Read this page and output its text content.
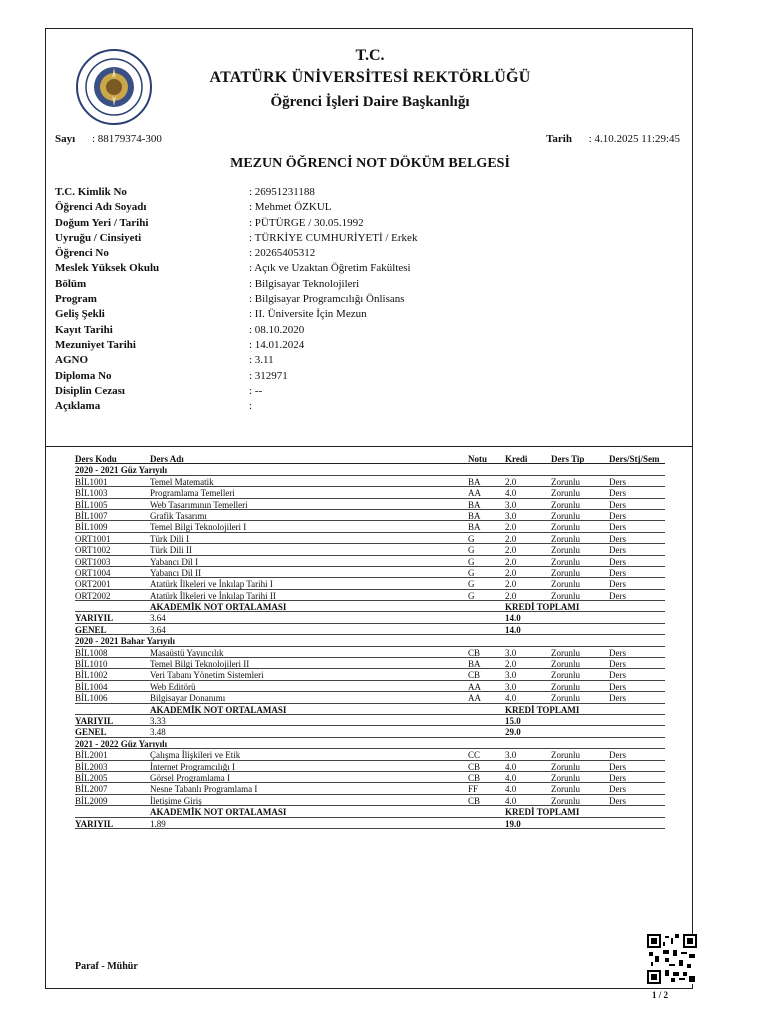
T.C.
ATATÜRK ÜNİVERSİTESİ REKTÖRLÜĞÜ
Öğrenci İşleri Daire Başkanlığı
Sayı : 88179374-300	Tarih : 4.10.2025 11:29:45
MEZUN ÖĞRENCİ NOT DÖKÜM BELGESİ
T.C. Kimlik No	: 26951231188
Öğrenci Adı Soyadı	: Mehmet ÖZKUL
Doğum Yeri / Tarihi	: PÜTÜRGE / 30.05.1992
Uyruğu / Cinsiyeti	: TÜRKİYE CUMHURİYETİ / Erkek
Öğrenci No	: 20265405312
Meslek Yüksek Okulu	: Açık ve Uzaktan Öğretim Fakültesi
Bölüm	: Bilgisayar Teknolojileri
Program	: Bilgisayar Programcılığı Önlisans
Geliş Şekli	: II. Üniversite İçin Mezun
Kayıt Tarihi	: 08.10.2020
Mezuniyet Tarihi	: 14.01.2024
AGNO	: 3.11
Diploma No	: 312971
Disiplin Cezası	: --
Açıklama	:
Ders Kodu	Ders Adı	Notu Kredi	Ders Tip	Ders/Stj/Sem
2020 - 2021 Güz Yarıyılı
BİL1001	Temel Matematik	BA	2.0	Zorunlu	Ders
BİL1003	Programlama Temelleri	AA	4.0	Zorunlu	Ders
BİL1005	Web Tasarımının Temelleri	BA	3.0	Zorunlu	Ders
BİL1007	Grafik Tasarımı	BA	3.0	Zorunlu	Ders
BİL1009	Temel Bilgi Teknolojileri I	BA	2.0	Zorunlu	Ders
ORT1001	Türk Dili I	G	2.0	Zorunlu	Ders
ORT1002	Türk Dili II	G	2.0	Zorunlu	Ders
ORT1003	Yabancı Dil I	G	2.0	Zorunlu	Ders
ORT1004	Yabancı Dil II	G	2.0	Zorunlu	Ders
ORT2001	Atatürk İlkeleri ve İnkılap Tarihi I	G	2.0	Zorunlu	Ders
ORT2002	Atatürk İlkeleri ve İnkılap Tarihi II	G	2.0	Zorunlu	Ders
AKADEMİK NOT ORTALAMASI	KREDİ TOPLAMI
YARIYIL	3.64	14.0
GENEL	3.64	14.0
2020 - 2021 Bahar Yarıyılı
BİL1008	Masaüstü Yayıncılık	CB	3.0	Zorunlu	Ders
BİL1010	Temel Bilgi Teknolojileri II	BA	2.0	Zorunlu	Ders
BİL1002	Veri Tabanı Yönetim Sistemleri	CB	3.0	Zorunlu	Ders
BİL1004	Web Editörü	AA	3.0	Zorunlu	Ders
BİL1006	Bilgisayar Donanımı	AA	4.0	Zorunlu	Ders
AKADEMİK NOT ORTALAMASI	KREDİ TOPLAMI
YARIYIL	3.33	15.0
GENEL	3.48	29.0
2021 - 2022 Güz Yarıyılı
BİL2001	Çalışma İlişkileri ve Etik	CC	3.0	Zorunlu	Ders
BİL2003	İnternet Programcılığı I	CB	4.0	Zorunlu	Ders
BİL2005	Görsel Programlama I	CB	4.0	Zorunlu	Ders
BİL2007	Nesne Tabanlı Programlama I	FF	4.0	Zorunlu	Ders
BİL2009	İletişime Giriş	CB	4.0	Zorunlu	Ders
AKADEMİK NOT ORTALAMASI	KREDİ TOPLAMI
YARIYIL	1.89	19.0
Paraf - Mühür
1 / 2
